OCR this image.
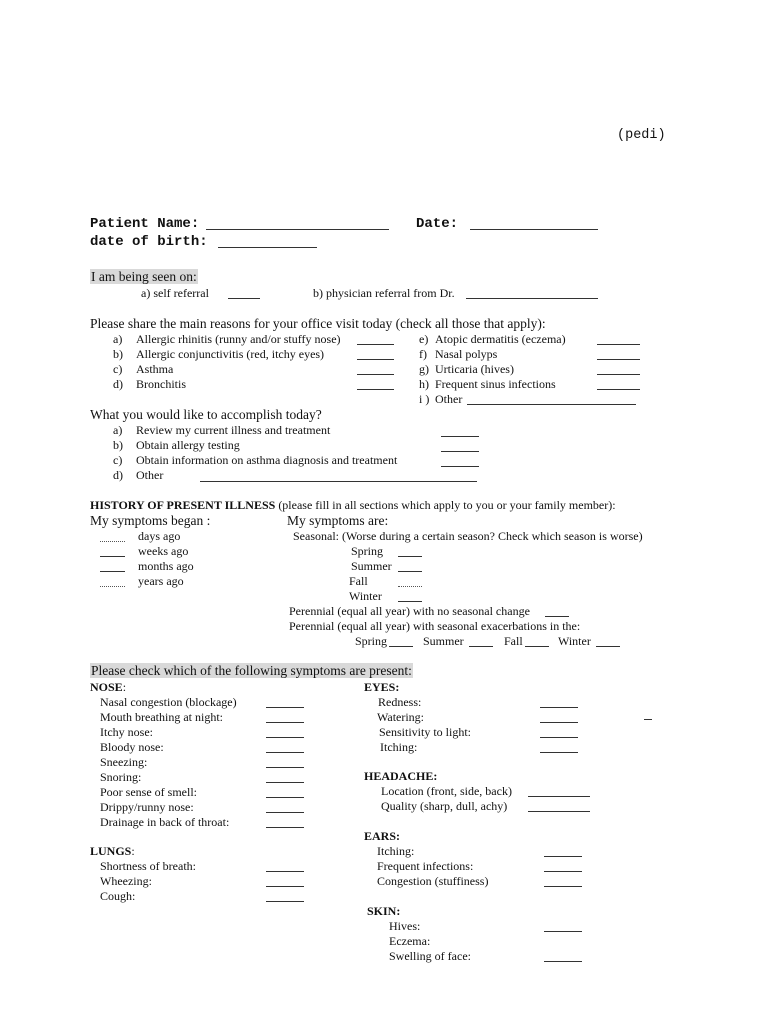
(pedi)
Patient Name:	Date:
date of birth:
I am being seen on:
a) self referral	b) physician referral from Dr.
Please share the main reasons for your office visit today (check all those that apply):
a) Allergic rhinitis (runny and/or stuffy nose)
b) Allergic conjunctivitis (red, itchy eyes)
c) Asthma
d) Bronchitis
e) Atopic dermatitis (eczema)
f) Nasal polyps
g) Urticaria (hives)
h) Frequent sinus infections
i ) Other
What you would like to accomplish today?
a) Review my current illness and treatment
b) Obtain allergy testing
c) Obtain information on asthma diagnosis and treatment
d) Other
HISTORY OF PRESENT ILLNESS (please fill in all sections which apply to you or your family member):
My symptoms began :	My symptoms are:
Seasonal: (Worse during a certain season? Check which season is worse)
days ago
weeks ago
months ago
years ago
Spring
Summer
Fall
Winter
Perennial (equal all year) with no seasonal change
Perennial (equal all year) with seasonal exacerbations in the:
Spring	Summer	Fall	Winter
Please check which of the following symptoms are present:
NOSE:	EYES:
Nasal congestion (blockage)
Mouth breathing at night:
Itchy nose:
Bloody nose:
Sneezing:
Snoring:
Poor sense of smell:
Drippy/runny nose:
Drainage in back of throat:
Redness:
Watering:
Sensitivity to light:
Itching:
HEADACHE:
Location (front, side, back)
Quality (sharp, dull, achy)
EARS:
Itching:
Frequent infections:
Congestion (stuffiness)
LUNGS:
Shortness of breath:
Wheezing:
Cough:
SKIN:
Hives:
Eczema:
Swelling of face:
